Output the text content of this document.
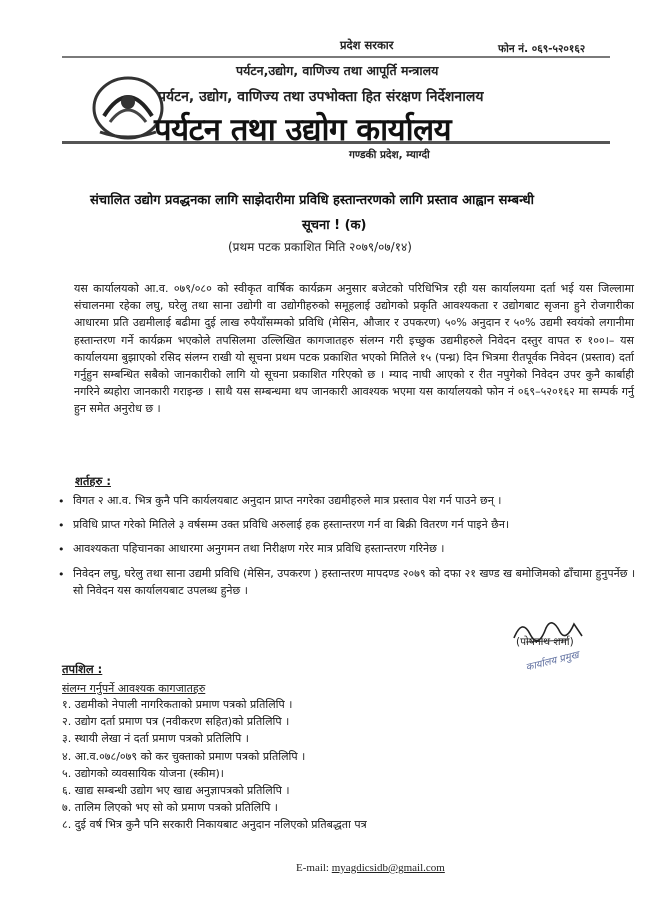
प्रदेश सरकार	फोन नं. ०६९-५२०१६२
पर्यटन,उद्योग, वाणिज्य तथा आपूर्ति मन्त्रालय
पर्यटन, उद्योग, वाणिज्य तथा उपभोक्ता हित संरक्षण निर्देशनालय
पर्यटन तथा उद्योग कार्यालय
गण्डकी प्रदेश, म्याग्दी
संचालित उद्योग प्रवद्धनका लागि साझेदारीमा प्रविधि हस्तान्तरणको लागि प्रस्ताव आह्वान सम्बन्धी
सूचना ! (क)
(प्रथम पटक प्रकाशित मिति २०७९/०७/१४)
यस कार्यालयको आ.व. ०७९/०८० को स्वीकृत वार्षिक कार्यक्रम अनुसार बजेटको परिधिभित्र रही यस कार्यालयमा दर्ता भई यस जिल्लामा संचालनमा रहेका लघु, घरेलु तथा साना उद्योगी वा उद्योगीहरुको समूहलाई उद्योगको प्रकृति आवश्यकता र उद्योगबाट सृजना हुने रोजगारीका आधारमा प्रति उद्यमीलाई बढीमा दुई लाख रुपैयाँसम्मको प्रविधि (मेसिन, औजार र उपकरण) ५०% अनुदान र ५०% उद्यमी स्वयंको लगानीमा हस्तान्तरण गर्ने कार्यक्रम भएकोले तपसिलमा उल्लिखित कागजातहरु संलग्न गरी इच्छुक उद्यमीहरुले निवेदन दस्तुर वापत रु १००।– यस कार्यालयमा बुझाएको रसिद संलग्न राखी यो सूचना प्रथम पटक प्रकाशित भएको मितिले १५ (पन्ध्र) दिन भित्रमा रीतपूर्वक निवेदन (प्रस्ताव) दर्ता गर्नुहुन सम्बन्धित सबैको जानकारीको लागि यो सूचना प्रकाशित गरिएको छ । म्याद नाघी आएको र रीत नपुगेको निवेदन उपर कुनै कार्बाही नगरिने ब्यहोरा जानकारी गराइन्छ । साथै यस सम्बन्धमा थप जानकारी आवश्यक भएमा यस कार्यालयको फोन नं ०६९–५२०१६२ मा सम्पर्क गर्नु हुन समेत अनुरोध छ ।
शर्तहरु :
• विगत २ आ.व. भित्र कुनै पनि कार्यलयबाट अनुदान प्राप्त नगरेका उद्यमीहरुले मात्र प्रस्ताव पेश गर्न पाउने छन् ।
• प्रविधि प्राप्त गरेको मितिले ३ वर्षसम्म उक्त प्रविधि अरुलाई हक हस्तान्तरण गर्न वा बिक्री वितरण गर्न पाइने छैन।
• आवश्यकता पहिचानका आधारमा अनुगमन तथा निरीक्षण गरेर मात्र प्रविधि हस्तान्तरण गरिनेछ ।
• निवेदन लघु, घरेलु तथा साना उद्यमी प्रविधि (मेसिन, उपकरण ) हस्तान्तरण मापदण्ड २०७९ को दफा २१ खण्ड ख बमोजिमको ढाँचामा हुनुपर्नेछ । सो निवेदन यस कार्यालयबाट उपलब्ध हुनेछ ।
(पोषनाथ शर्मा)
कार्यालय प्रमुख
तपशिल :
संलग्न गर्नुपर्ने आवश्यक कागजातहरु
१. उद्यमीको नेपाली नागरिकताको प्रमाण पत्रको प्रतिलिपि ।
२. उद्योग दर्ता प्रमाण पत्र (नवीकरण सहित)को प्रतिलिपि ।
३. स्थायी लेखा नं दर्ता प्रमाण पत्रको प्रतिलिपि ।
४. आ.व.०७८/०७९ को कर चुक्ताको प्रमाण पत्रको प्रतिलिपि ।
५. उद्योगको व्यवसायिक योजना (स्कीम)।
६. खाद्य सम्बन्धी उद्योग भए खाद्य अनुज्ञापत्रको प्रतिलिपि ।
७. तालिम लिएको भए सो को प्रमाण पत्रको प्रतिलिपि ।
८. दुई वर्ष भित्र कुनै पनि सरकारी निकायबाट अनुदान नलिएको प्रतिबद्धता पत्र
E-mail: myagdicsidb@gmail.com
